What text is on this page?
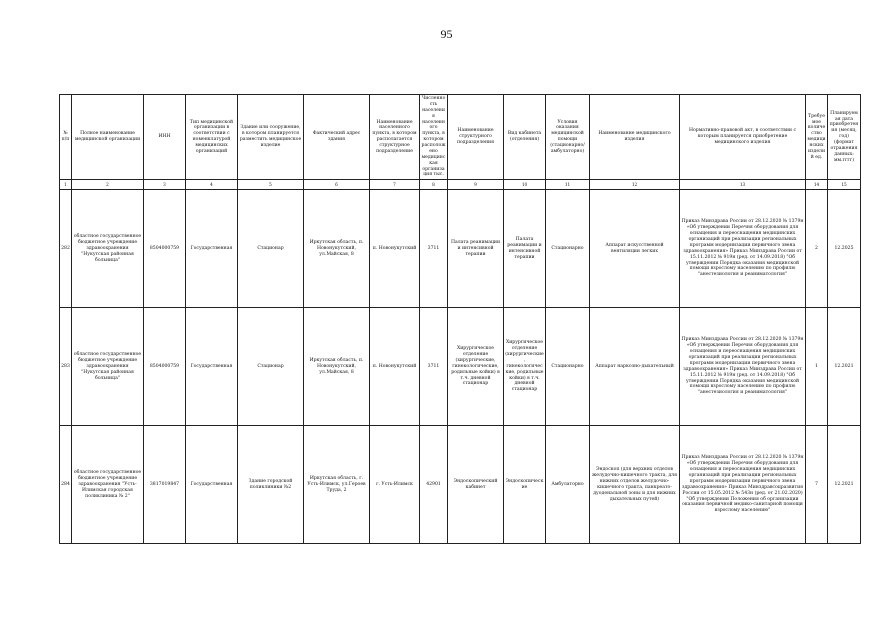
95
№ п/п	Полное наименование медицинской организации	ИНН	Тип медицинской организации в соответствии с номенклатурой медицинских организаций	Здание или сооружение, в котором планируется разместить медицинское изделие	Фактический адрес здания	Наименование населенного пункта, в котором располагается структурное подразделение	Численность населения населенного пункта, в котором расположено медицинская организация тыс.	Наименование структурного подразделения	Вид кабинета (отделения)	Условия оказания медицинской помощи (стационарно/амбулаторно)	Наименование медицинского изделия	Нормативно-правовой акт, в соответствии с которым планируется приобретение медицинского изделия	Требуемое количество медицинских изделий ед.	Планируемая дата приобретения (месяц, год) (формат отражения данных: мм.гггг)
1	2	3	4	5	6	7	8	9	10	11	12	13	14	15
282	областное государственное бюджетное учреждение здравоохранения "Нукутская районная больница"	8504000759	Государственная	Стационар	Иркутская область, п. Новонукутский, ул.Майская, 8	п. Новонукутский	3711	Палата реанимации и интенсивной терапии	Палата реанимации и интенсивной терапии	Стационарно	Аппарат искусственной вентиляции легких	Приказ Минздрава России от 28.12.2020 № 1379н «Об утверждении Перечня оборудования для оснащения и переоснащения медицинских организаций при реализации региональных программ модернизации первичного звена здравоохранения» Приказ Минздрава России от 15.11.2012 № 919н (ред. от 14.09.2018) "Об утверждении Порядка оказания медицинской помощи взрослому населению по профилю "анестезиология и реаниматология"	2	12.2025
283	областное государственное бюджетное учреждение здравоохранения "Нукутская районная больница"	8504000759	Государственная	Стационар	Иркутская область, п. Новонукутский, ул.Майская, 8	п. Новонукутский	3711	Хирургическое отделение (хирургические, гинекологические, родильные койки) в т.ч. дневной стационар	Хирургическое отделение (хирургические, гинекологические, родильные койки) в т.ч. дневной стационар	Стационарно	Аппарат наркозно-дыхательный	Приказ Минздрава России от 28.12.2020 № 1379н «Об утверждении Перечня оборудования для оснащения и переоснащения медицинских организаций при реализации региональных программ модернизации первичного звена здравоохранения» Приказ Минздрава России от 15.11.2012 № 919н (ред. от 14.09.2018) "Об утверждении Порядка оказания медицинской помощи взрослому населению по профилю "анестезиология и реаниматология"	1	12.2021
284	областное государственное бюджетное учреждение здравоохранения "Усть-Илимская городская поликлиника № 2"	3817019847	Государственная	Здание городской поликлиники №2	Иркутская область, г. Усть-Илимск, ул.Героев Труда, 2	г. Усть-Илимск	42901	Эндоскопический кабинет	Эндоскопические	Амбулаторно	Эндоскоп (для верхних отделов желудочно-кишечного тракта, для нижних отделов желудочно-кишечного тракта, панкреато-дуоденальной зоны и для нижних дыхательных путей)	Приказ Минздрава России от 28.12.2020 № 1379н «Об утверждении Перечня оборудования для оснащения и переоснащения медицинских организаций при реализации региональных программ модернизации первичного звена здравоохранения» Приказ Минздравсоцразвития России от 15.05.2012 № 543н (ред. от 21.02.2020) "Об утверждении Положения об организации оказания первичной медико-санитарной помощи взрослому населению"	7	12.2021
